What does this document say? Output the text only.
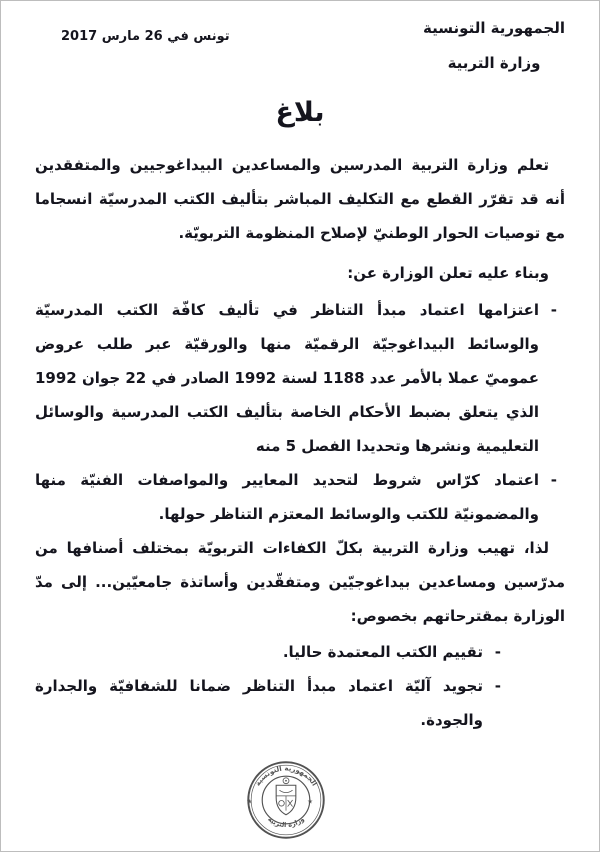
الجمهورية التونسية
وزارة التربية
تونس في 26 مارس 2017
بلاغ

تعلم وزارة التربية المدرسين والمساعدين البيداغوجيين والمتفقدين أنه قد تقرّر القطع مع التكليف المباشر بتأليف الكتب المدرسيّة انسجاما مع توصيات الحوار الوطنيّ لإصلاح المنظومة التربويّة.

وبناء عليه تعلن الوزارة عن:

-
اعتزامها اعتماد مبدأ التناظر في تأليف كافّة الكتب المدرسيّة والوسائط البيداغوجيّة الرقميّة منها والورقيّة عبر طلب عروض عموميّ عملا بالأمر عدد 1188 لسنة 1992 الصادر في 22 جوان 1992 الذي يتعلق بضبط الأحكام الخاصة بتأليف الكتب المدرسية والوسائل التعليمية ونشرها وتحديدا الفصل 5 منه
-
اعتماد كرّاس شروط لتحديد المعايير والمواصفات الفنيّة منها والمضمونيّة للكتب والوسائط المعتزم التناظر حولها.

لذا، تهيب وزارة التربية بكلّ الكفاءات التربويّة بمختلف أصنافها من مدرّسين ومساعدين بيداغوجيّين ومتفقّدين وأساتذة جامعيّين... إلى مدّ الوزارة بمقترحاتهم بخصوص:

-
تقييم الكتب المعتمدة حاليا.
-
تجويد آليّة اعتماد مبدأ التناظر ضمانا للشفافيّة والجدارة والجودة.
الجمهورية التونسية
وزارة التربية
★	★
